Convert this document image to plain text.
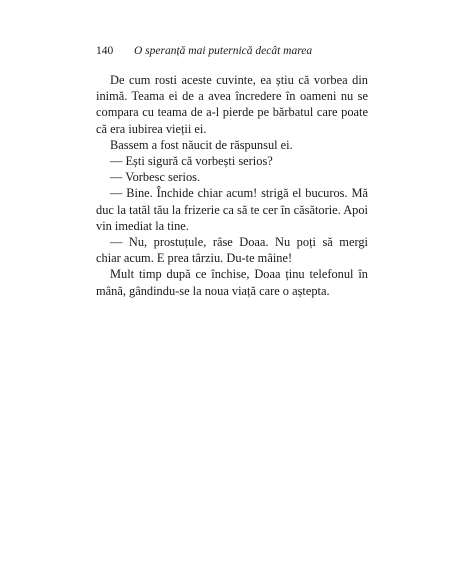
140 O speranță mai puternică decât marea

De cum rosti aceste cuvinte, ea știu că vorbea din inimă. Teama ei de a avea încredere în oameni nu se compara cu teama de a-l pierde pe bărbatul care poate că era iubirea vieții ei.

Bassem a fost năucit de răspunsul ei.

— Ești sigură că vorbești serios?

— Vorbesc serios.

— Bine. Închide chiar acum! strigă el bucuros. Mă duc la tatăl tău la frizerie ca să te cer în căsătorie. Apoi vin imediat la tine.

— Nu, prostuțule, râse Doaa. Nu poți să mergi chiar acum. E prea târziu. Du-te mâine!

Mult timp după ce închise, Doaa ținu telefonul în mână, gândindu-se la noua viață care o aștepta.
